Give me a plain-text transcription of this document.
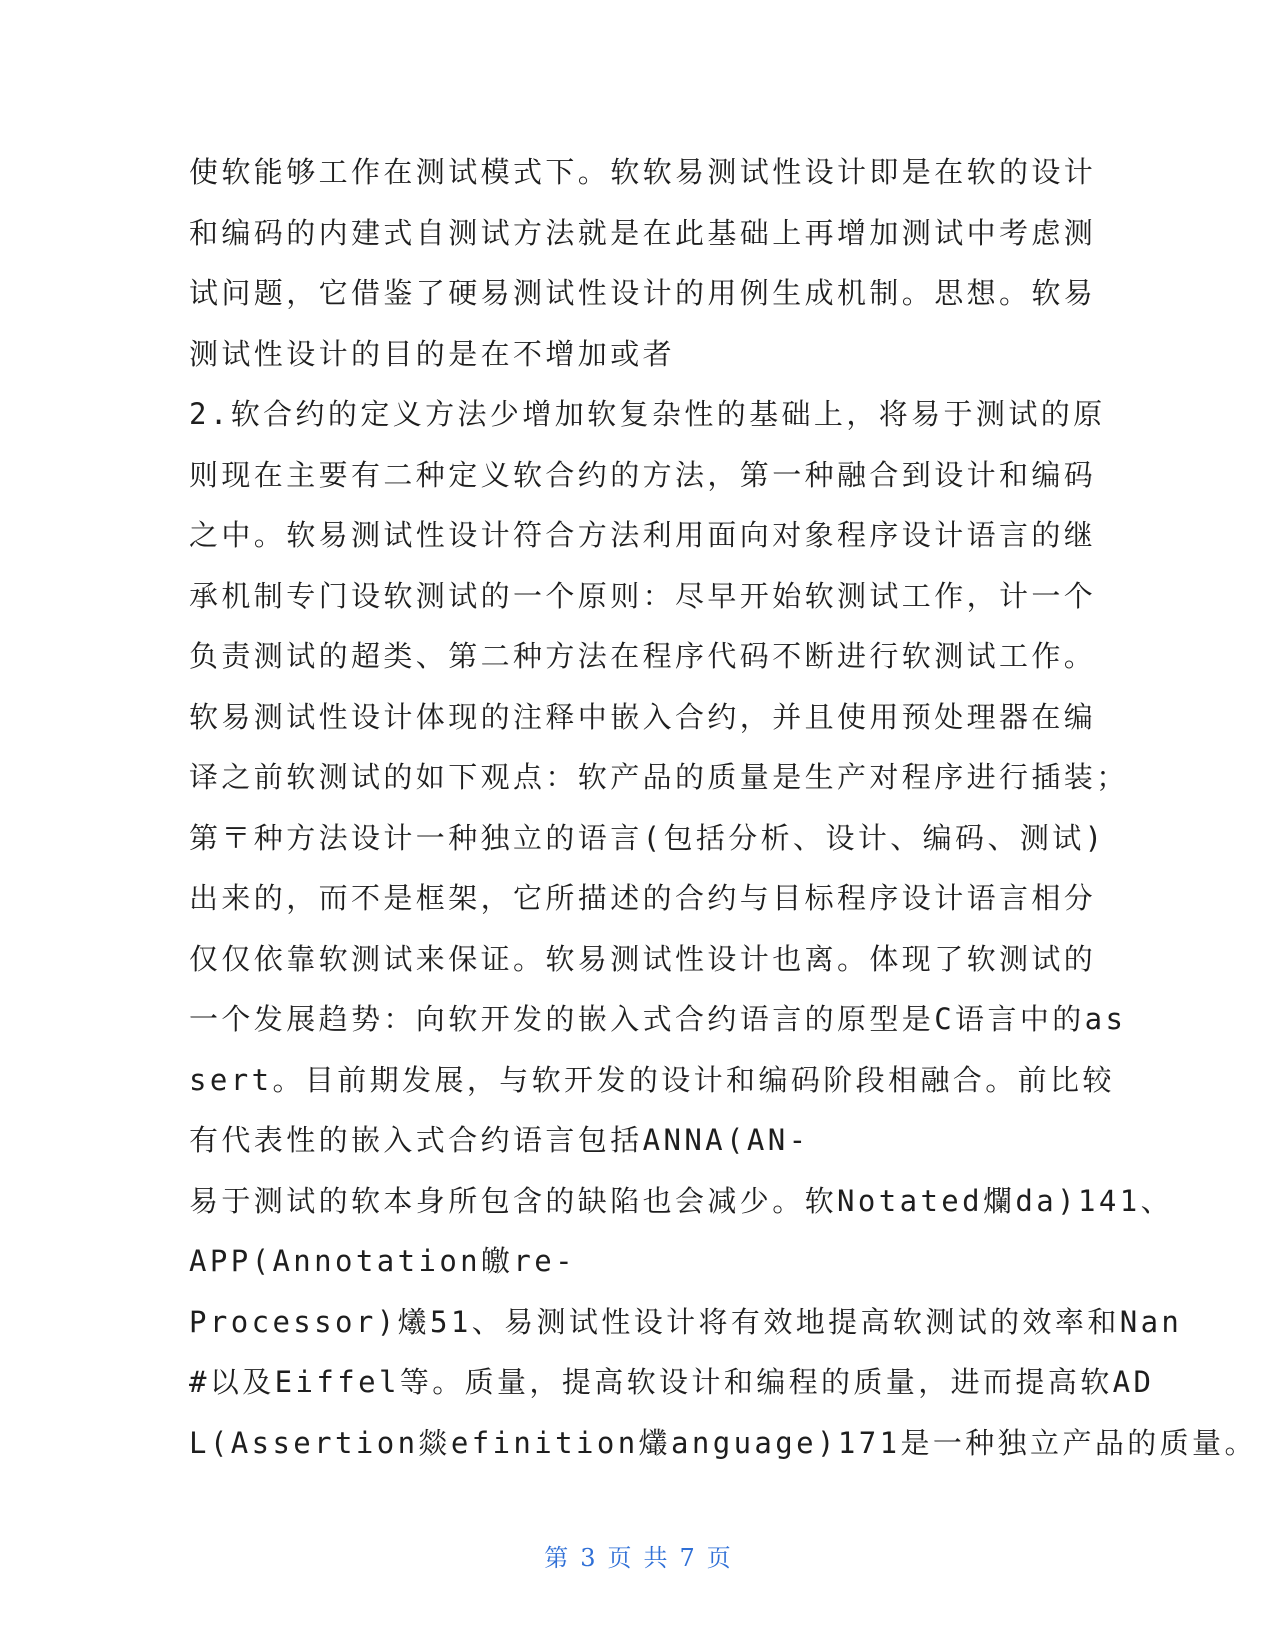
使软能够工作在测试模式下。软软易测试性设计即是在软的设计
和编码的内建式自测试方法就是在此基础上再增加测试中考虑测
试问题，它借鉴了硬易测试性设计的用例生成机制。思想。软易
测试性设计的目的是在不增加或者
2.软合约的定义方法少增加软复杂性的基础上，将易于测试的原
则现在主要有二种定义软合约的方法，第一种融合到设计和编码
之中。软易测试性设计符合方法利用面向对象程序设计语言的继
承机制专门设软测试的一个原则：尽早开始软测试工作，计一个
负责测试的超类、第二种方法在程序代码不断进行软测试工作。
软易测试性设计体现的注释中嵌入合约，并且使用预处理器在编
译之前软测试的如下观点：软产品的质量是生产对程序进行插装；
第〒种方法设计一种独立的语言(包括分析、设计、编码、测试)
出来的，而不是框架，它所描述的合约与目标程序设计语言相分
仅仅依靠软测试来保证。软易测试性设计也离。体现了软测试的
一个发展趋势：向软开发的嵌入式合约语言的原型是C语言中的as
sert。目前期发展，与软开发的设计和编码阶段相融合。前比较
有代表性的嵌入式合约语言包括ANNA(AN-
易于测试的软本身所包含的缺陷也会减少。软Notated爛da)141、
APP(Annotation皦re-
Processor)爔51、易测试性设计将有效地提高软测试的效率和Nan
#以及Eiffel等。质量，提高软设计和编程的质量，进而提高软AD
L(Assertion燚efinition爜anguage)171是一种独立产品的质量。
第 3 页 共 7 页
